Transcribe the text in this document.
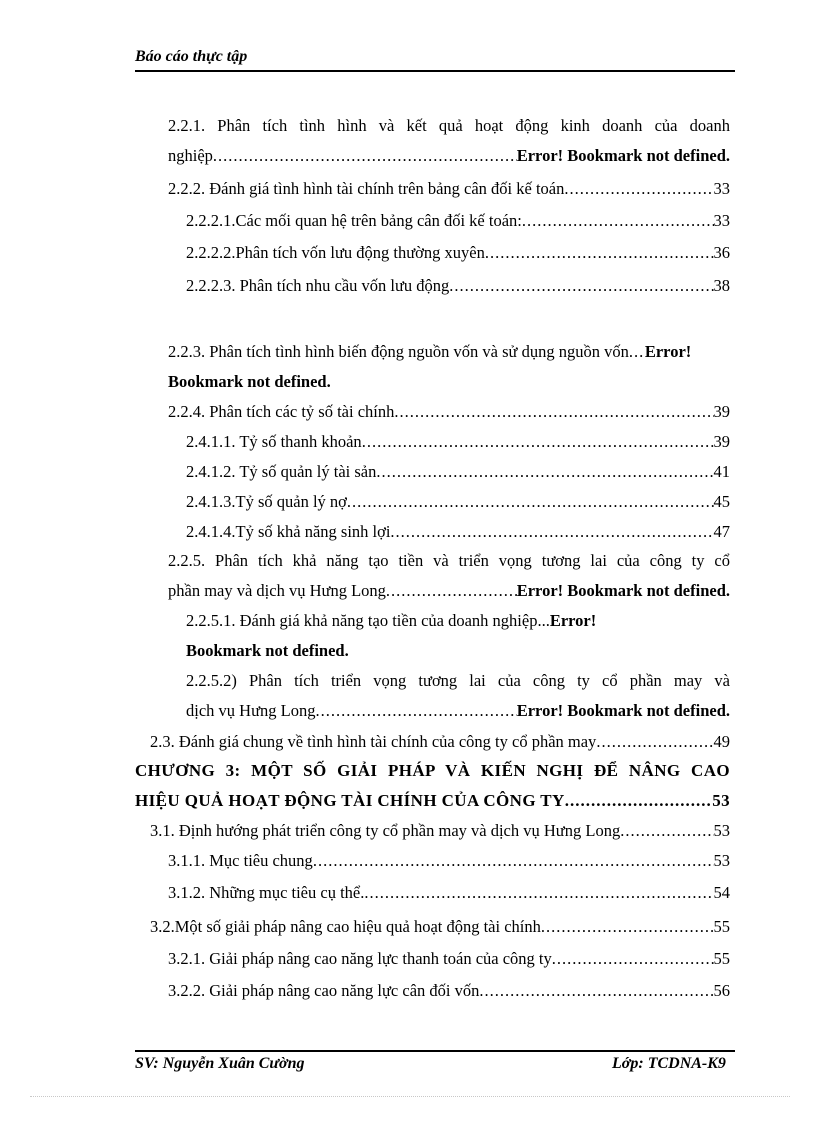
Báo cáo thực tập
2.2.1. Phân tích tình hình và kết quả hoạt động kinh doanh của doanh
nghiệp .....	Error! Bookmark not defined.
2.2.2. Đánh giá tình hình tài chính trên bảng cân đối kế toán .....	33
2.2.2.1.Các mối quan hệ trên bảng cân đối kế toán: .....	33
2.2.2.2.Phân tích vốn lưu động thường xuyên .....	36
2.2.2.3. Phân tích nhu cầu vốn lưu động .....	38
2.2.3. Phân tích tình hình biến động nguồn vốn và sử dụng nguồn vốn ..... Error!
Bookmark not defined.
2.2.4. Phân tích các tỷ số tài chính .....	39
2.4.1.1. Tỷ số thanh khoản .....	39
2.4.1.2. Tỷ số quản lý tài sản .....	41
2.4.1.3.Tỷ số quản lý nợ .....	45
2.4.1.4.Tỷ số khả năng sinh lợi .....	47
2.2.5. Phân tích khả năng tạo tiền và triển vọng tương lai của công ty cổ
phần may và dịch vụ Hưng Long .....	Error! Bookmark not defined.
2.2.5.1. Đánh giá khả năng tạo tiền của doanh nghiệp ... Error!
Bookmark not defined.
2.2.5.2) Phân tích triển vọng tương lai của công ty cổ phần may và
dịch vụ Hưng Long .....	Error! Bookmark not defined.
2.3. Đánh giá chung về tình hình tài chính của công ty cổ phần may .....	49
CHƯƠNG 3: MỘT SỐ GIẢI PHÁP VÀ KIẾN NGHỊ ĐỂ NÂNG CAO
HIỆU QUẢ HOẠT ĐỘNG TÀI CHÍNH CỦA CÔNG TY .....	53
3.1. Định hướng phát triển công ty cổ phần may và dịch vụ Hưng Long .....	53
3.1.1. Mục tiêu chung .....	53
3.1.2. Những mục tiêu cụ thể. .....	54
3.2.Một số giải pháp nâng cao hiệu quả hoạt động tài chính .....	55
3.2.1. Giải pháp nâng cao năng lực thanh toán của công ty .....	55
3.2.2. Giải pháp nâng cao năng lực cân đối vốn .....	56
SV: Nguyễn Xuân Cường	Lớp: TCDNA-K9
